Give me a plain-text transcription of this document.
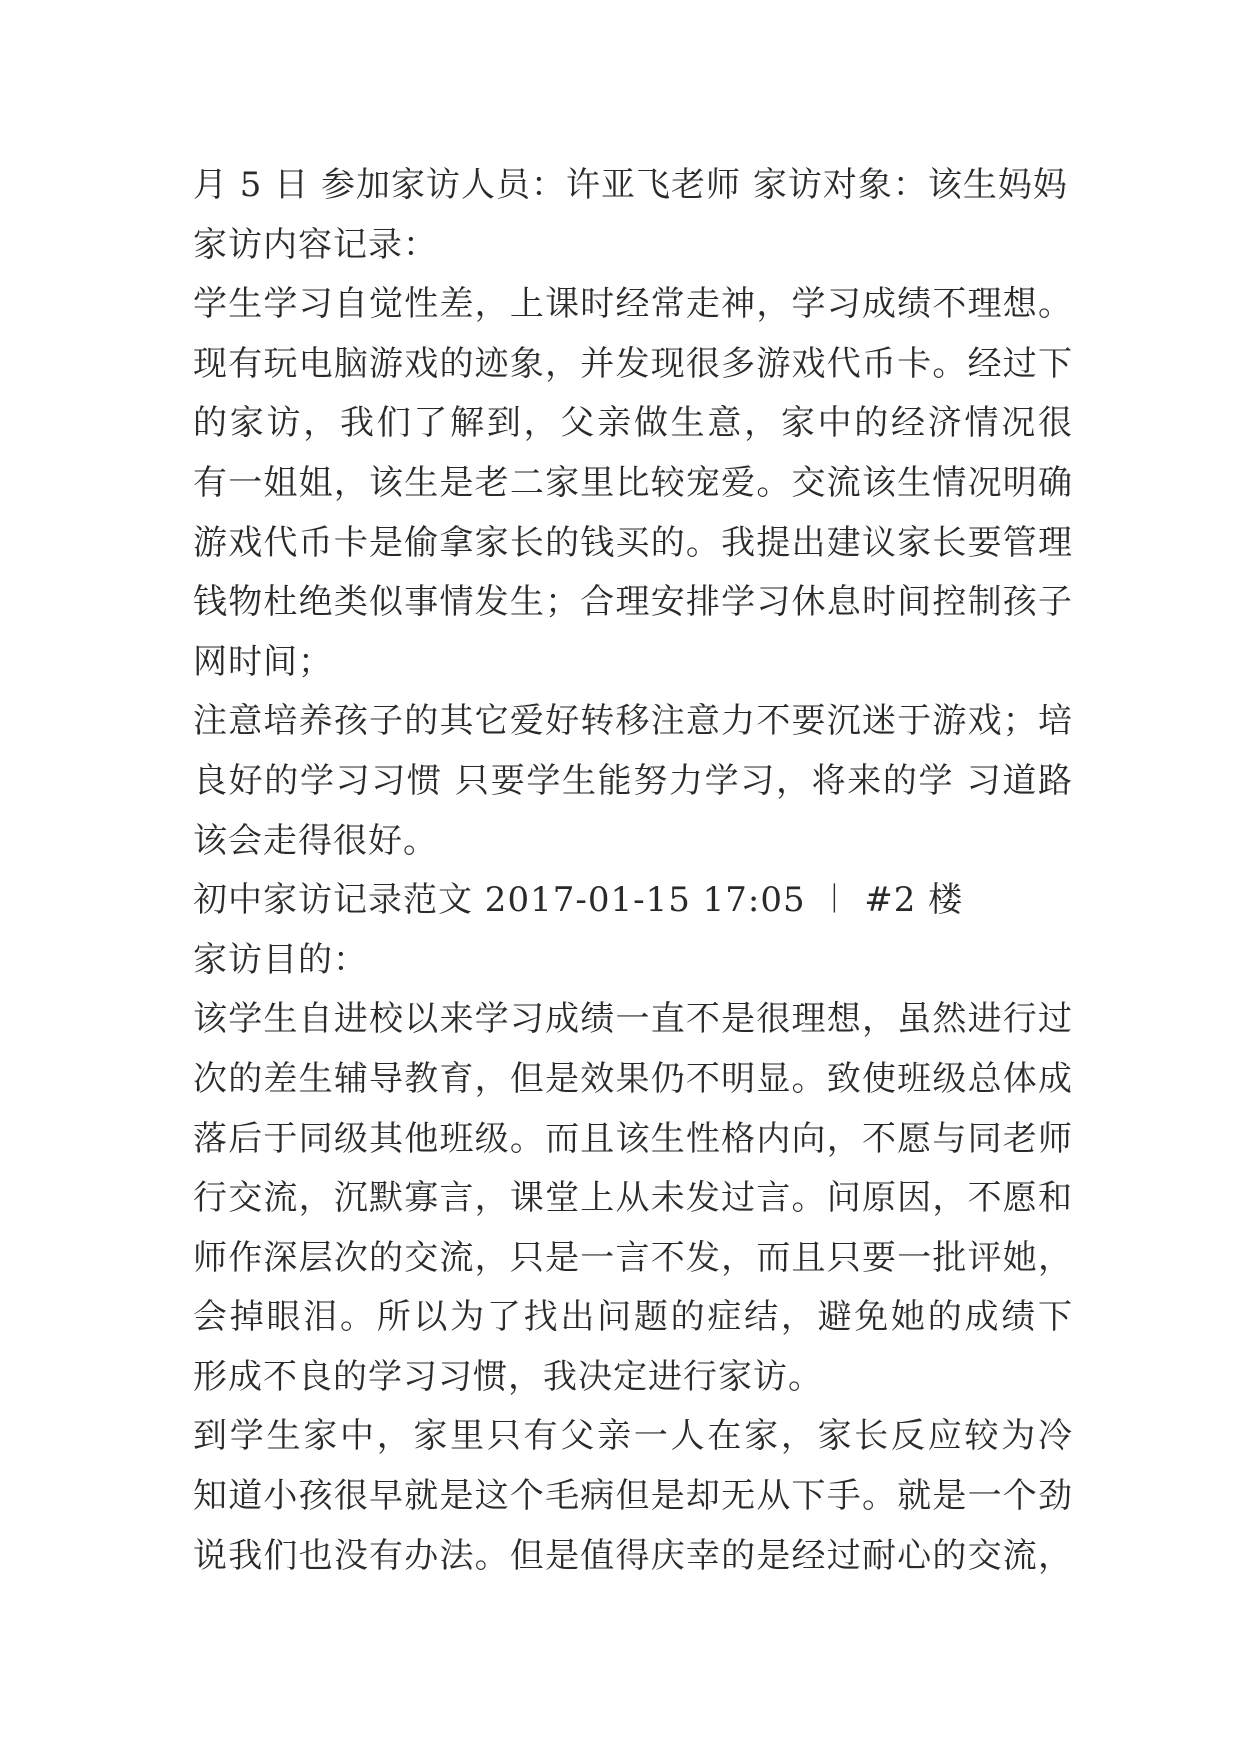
月 5 日 参加家访人员：许亚飞老师 家访对象：该生妈妈
家访内容记录：
学生学习自觉性差，上课时经常走神，学习成绩不理想。
现有玩电脑游戏的迹象，并发现很多游戏代币卡。经过下
的家访，我们了解到，父亲做生意，家中的经济情况很
有一姐姐，该生是老二家里比较宠爱。交流该生情况明确
游戏代币卡是偷拿家长的钱买的。我提出建议家长要管理
钱物杜绝类似事情发生；合理安排学习休息时间控制孩子
网时间；
注意培养孩子的其它爱好转移注意力不要沉迷于游戏；培
良好的学习习惯 只要学生能努力学习，将来的学 习道路
该会走得很好。
初中家访记录范文 2017-01-15 17:05 ︱ #2 楼
家访目的：
该学生自进校以来学习成绩一直不是很理想，虽然进行过
次的差生辅导教育，但是效果仍不明显。致使班级总体成
落后于同级其他班级。而且该生性格内向，不愿与同老师
行交流，沉默寡言，课堂上从未发过言。问原因，不愿和
师作深层次的交流，只是一言不发，而且只要一批评她，
会掉眼泪。所以为了找出问题的症结，避免她的成绩下
形成不良的学习习惯，我决定进行家访。
到学生家中，家里只有父亲一人在家，家长反应较为冷
知道小孩很早就是这个毛病但是却无从下手。就是一个劲
说我们也没有办法。但是值得庆幸的是经过耐心的交流，
